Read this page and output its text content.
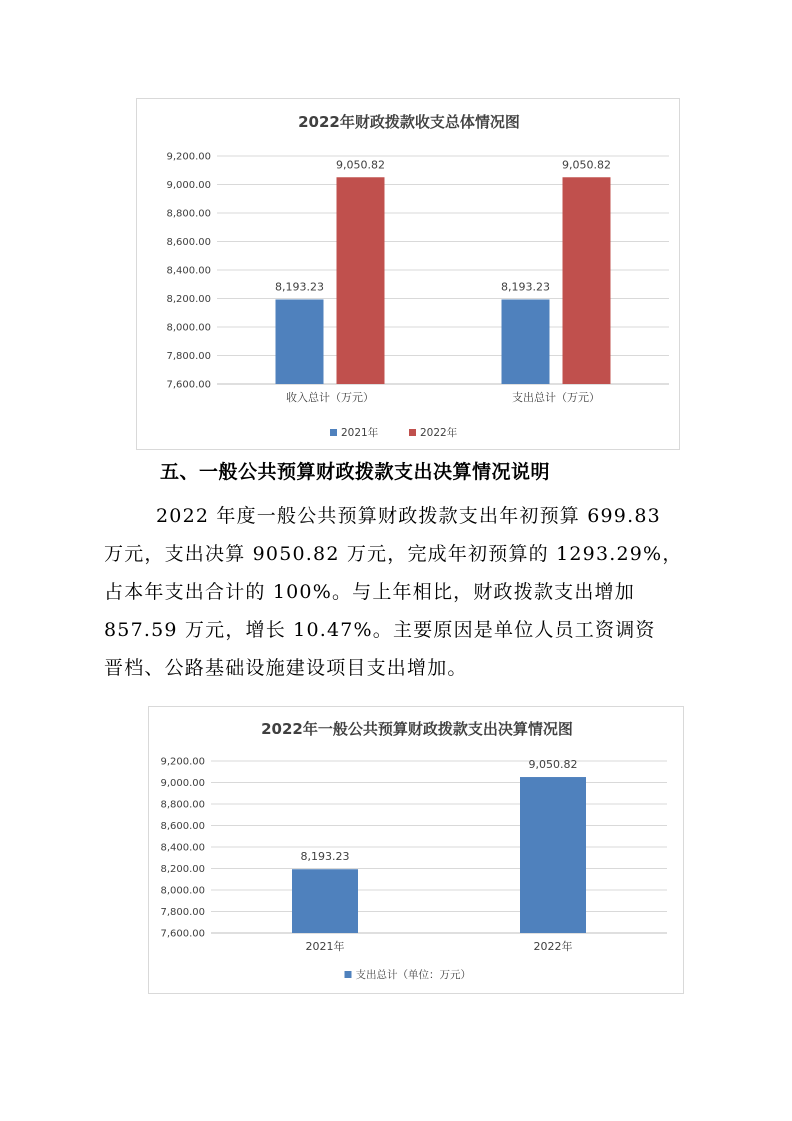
2022年财政拨款收支总体情况图
7,600.00
7,800.00
8,000.00
8,200.00
8,400.00
8,600.00
8,800.00
9,000.00
9,200.00
8,193.23
9,050.82
收入总计（万元）
8,193.23
9,050.82
支出总计（万元）
2021年	2022年
五、一般公共预算财政拨款支出决算情况说明
2022 年度一般公共预算财政拨款支出年初预算 699.83
万元，支出决算 9050.82 万元，完成年初预算的 1293.29%，
占本年支出合计的 100%。与上年相比，财政拨款支出增加
857.59 万元，增长 10.47%。主要原因是单位人员工资调资
晋档、公路基础设施建设项目支出增加。
2022年一般公共预算财政拨款支出决算情况图
7,600.00
7,800.00
8,000.00
8,200.00
8,400.00
8,600.00
8,800.00
9,000.00
9,200.00
8,193.23
2021年
9,050.82
2022年
支出总计（单位：万元）
